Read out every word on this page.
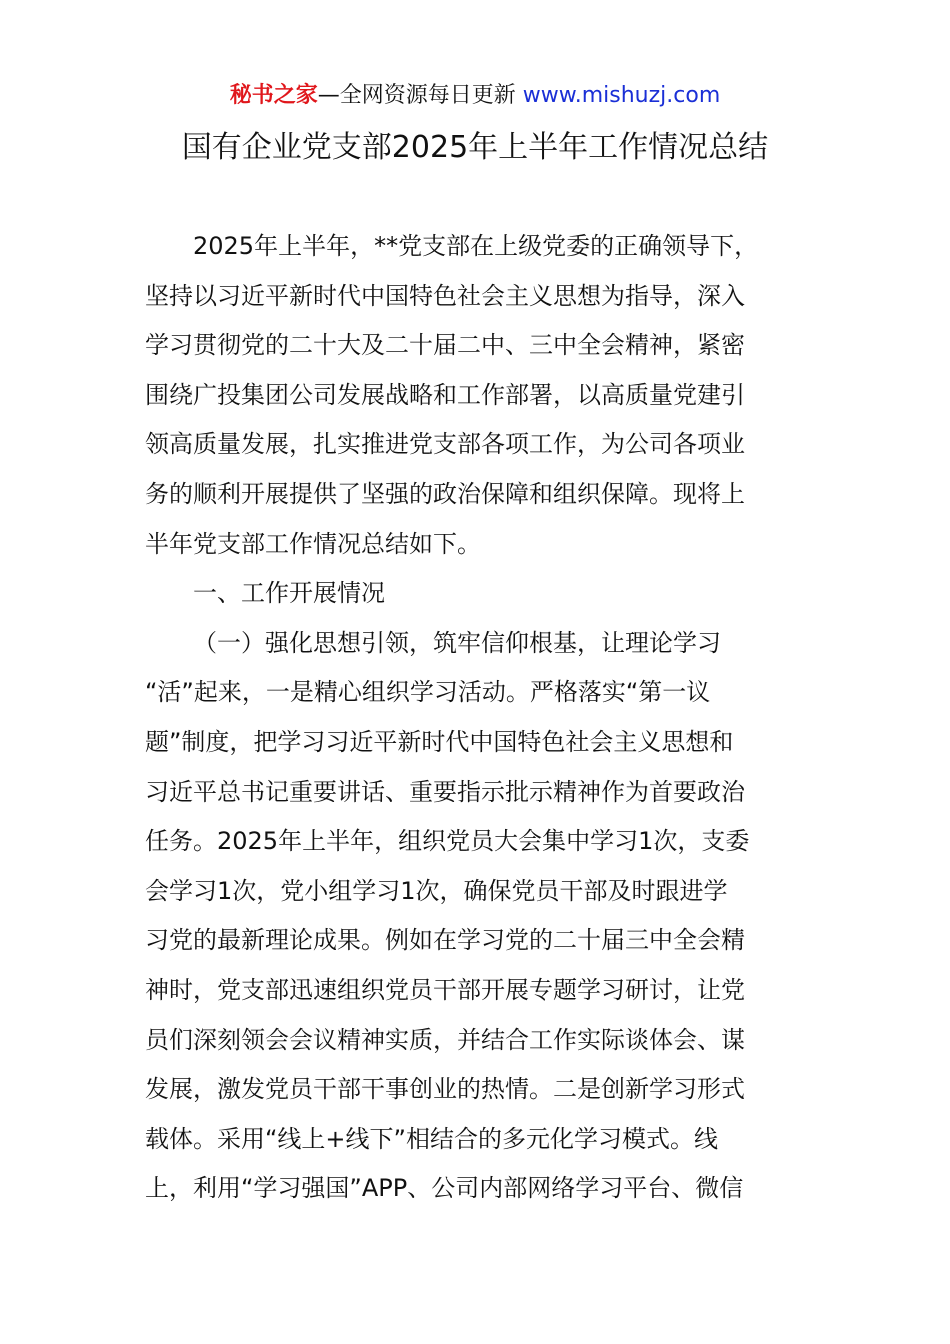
秘书之家—全网资源每日更新 www.mishuzj.com
国有企业党支部2025年上半年工作情况总结
2025年上半年，**党支部在上级党委的正确领导下，
坚持以习近平新时代中国特色社会主义思想为指导，深入
学习贯彻党的二十大及二十届二中、三中全会精神，紧密
围绕广投集团公司发展战略和工作部署，以高质量党建引
领高质量发展，扎实推进党支部各项工作，为公司各项业
务的顺利开展提供了坚强的政治保障和组织保障。现将上
半年党支部工作情况总结如下。
一、工作开展情况
（一）强化思想引领，筑牢信仰根基，让理论学习
“活”起来，一是精心组织学习活动。严格落实“第一议
题”制度，把学习习近平新时代中国特色社会主义思想和
习近平总书记重要讲话、重要指示批示精神作为首要政治
任务。2025年上半年，组织党员大会集中学习1次，支委
会学习1次，党小组学习1次，确保党员干部及时跟进学
习党的最新理论成果。例如在学习党的二十届三中全会精
神时，党支部迅速组织党员干部开展专题学习研讨，让党
员们深刻领会会议精神实质，并结合工作实际谈体会、谋
发展，激发党员干部干事创业的热情。二是创新学习形式
载体。采用“线上+线下”相结合的多元化学习模式。线
上，利用“学习强国”APP、公司内部网络学习平台、微信
